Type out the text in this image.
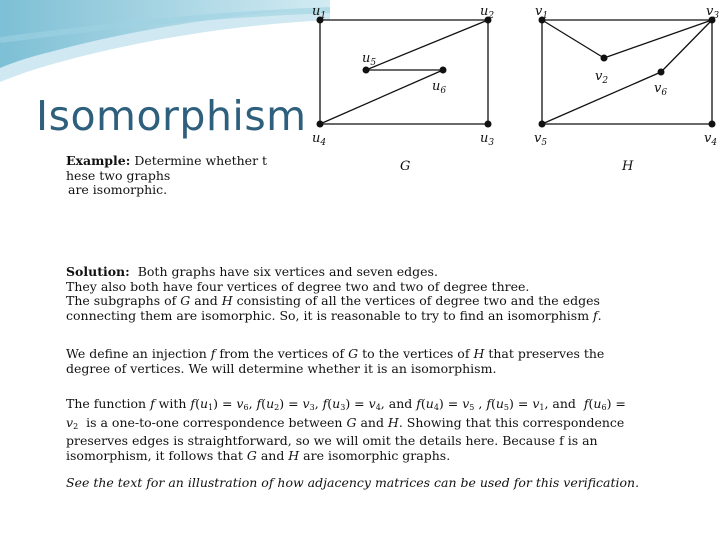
Isomorphism
$u_1$	$u_2$
$u_3$
$u_4$
$u_5$
$u_6$
G
$v_1$
$v_2$
$v_3$
$v_4$
$v_5$
$v_6$
H
Example: Determine whether t
hese two graphs
are isomorphic.
Solution: Both graphs have six vertices and seven edges.
They also both have four vertices of degree two and two of degree three.
The subgraphs of G and H consisting of all the vertices of degree two and the edges
connecting them are isomorphic. So, it is reasonable to try to find an isomorphism f.
We define an injection f from the vertices of G to the vertices of H that preserves the
degree of vertices. We will determine whether it is an isomorphism.
The function f with $f(u_1) = v_6$, $f(u_2) = v_3$, $f(u_3) = v_4$, and $f(u_4) = v_5$ , $f(u_5) = v_1$, and  $f(u_6)$ =
$v_2$  is a one-to-one correspondence between G and H. Showing that this correspondence
preserves edges is straightforward, so we will omit the details here. Because f is an
isomorphism, it follows that G and H are isomorphic graphs.
See the text for an illustration of how adjacency matrices can be used for this verification.
